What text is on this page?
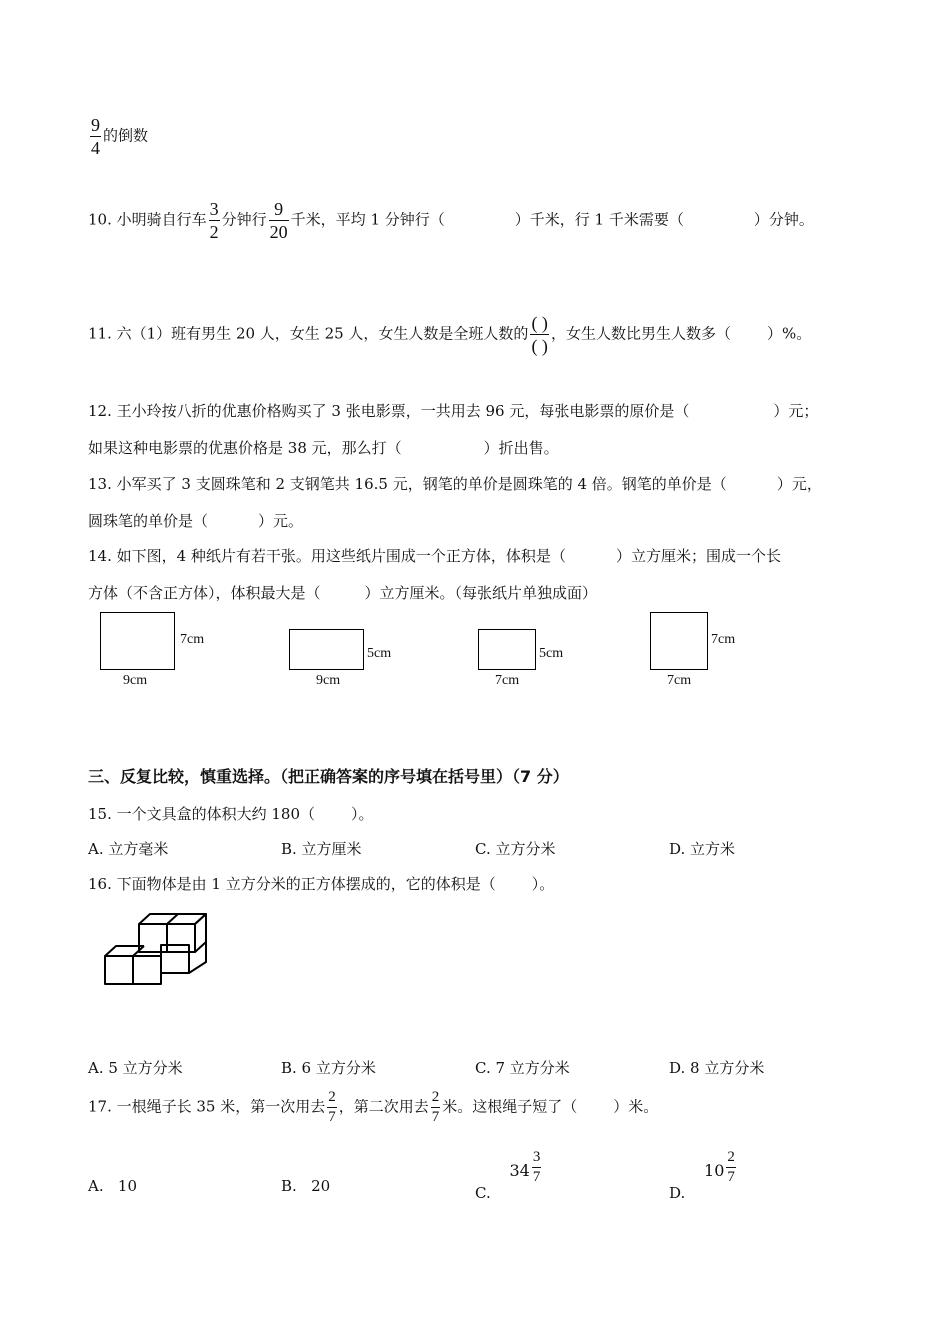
$\frac{9}{4}$ 的倒数
10. 小明骑自行车 $\frac{3}{2}$ 分钟行 $\frac{9}{20}$ 千米，平均 1 分钟行（	）千米，行 1 千米需要（	）分钟。
11. 六（1）班有男生 20 人，女生 25 人，女生人数是全班人数的 $\frac{( )}{( )}$ ，女生人数比男生人数多（ ）%。
12. 王小玲按八折的优惠价格购买了 3 张电影票，一共用去 96 元，每张电影票的原价是（	）元；
如果这种电影票的优惠价格是 38 元，那么打（	）折出售。
13. 小军买了 3 支圆珠笔和 2 支钢笔共 16.5 元，钢笔的单价是圆珠笔的 4 倍。钢笔的单价是（	）元，
圆珠笔的单价是（	）元。
14. 如下图，4 种纸片有若干张。用这些纸片围成一个正方体，体积是（	）立方厘米；围成一个长
方体（不含正方体），体积最大是（	）立方厘米。（每张纸片单独成面）
7cm
9cm
5cm
9cm
5cm
7cm
7cm
7cm
三、反复比较，慎重选择。（把正确答案的序号填在括号里）（7 分）
15. 一个文具盒的体积大约 180（ ）。
A. 立方毫米	B. 立方厘米	C. 立方分米	D. 立方米
16. 下面物体是由 1 立方分米的正方体摆成的，它的体积是（ ）。
A. 5 立方分米	B. 6 立方分米	C. 7 立方分米	D. 8 立方分米
17. 一根绳子长 35 米，第一次用去 $\frac{2}{7}$ ，第二次用去 $\frac{2}{7}$ 米。这根绳子短了（ ）米。
A. 10	B. 20	C. $34 \frac{3}{7}$
D. $10 \frac{2}{7}$
